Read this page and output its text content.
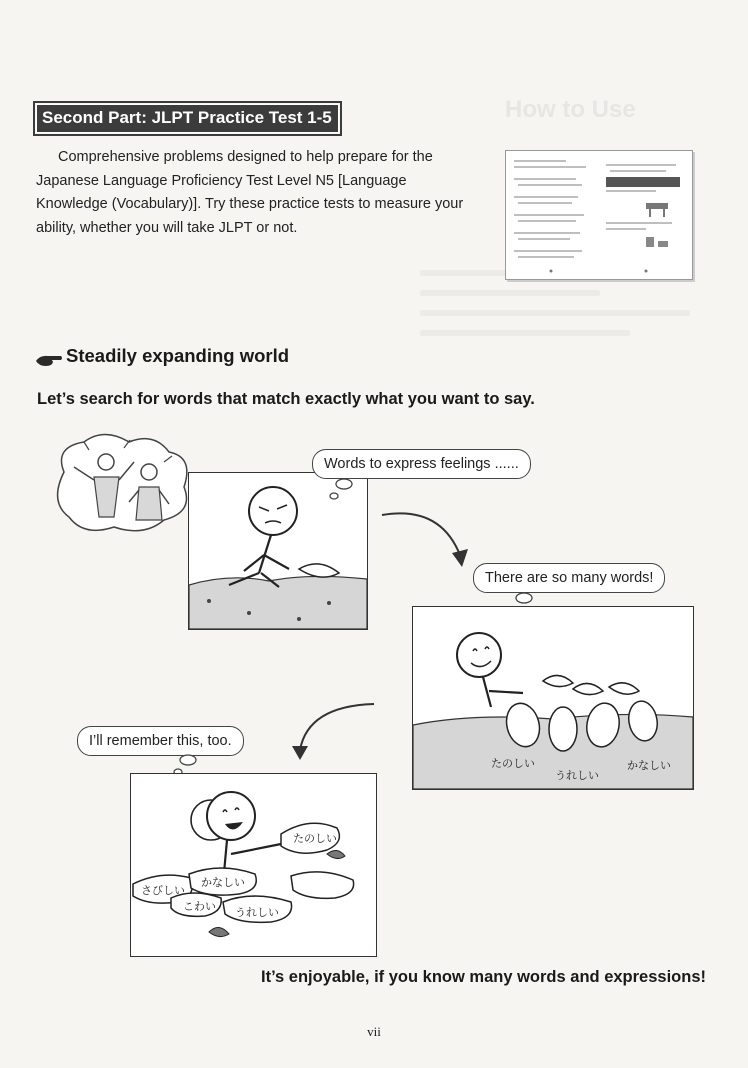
How to Use
Second Part: JLPT Practice Test 1-5
Comprehensive problems designed to help prepare for the Japanese Language Proficiency Test Level N5 [Language Knowledge (Vocabulary)]. Try these practice tests to measure your ability, whether you will take JLPT or not.
Steadily expanding world
Let’s search for words that match exactly what you want to say.
Words to express feelings ......
There are so many words!
たのしい
うれしい
かなしい
I’ll remember this, too.
たのしい
さびしい
かなしい
こわい うれしい
It’s enjoyable, if you know many words and expressions!
vii
